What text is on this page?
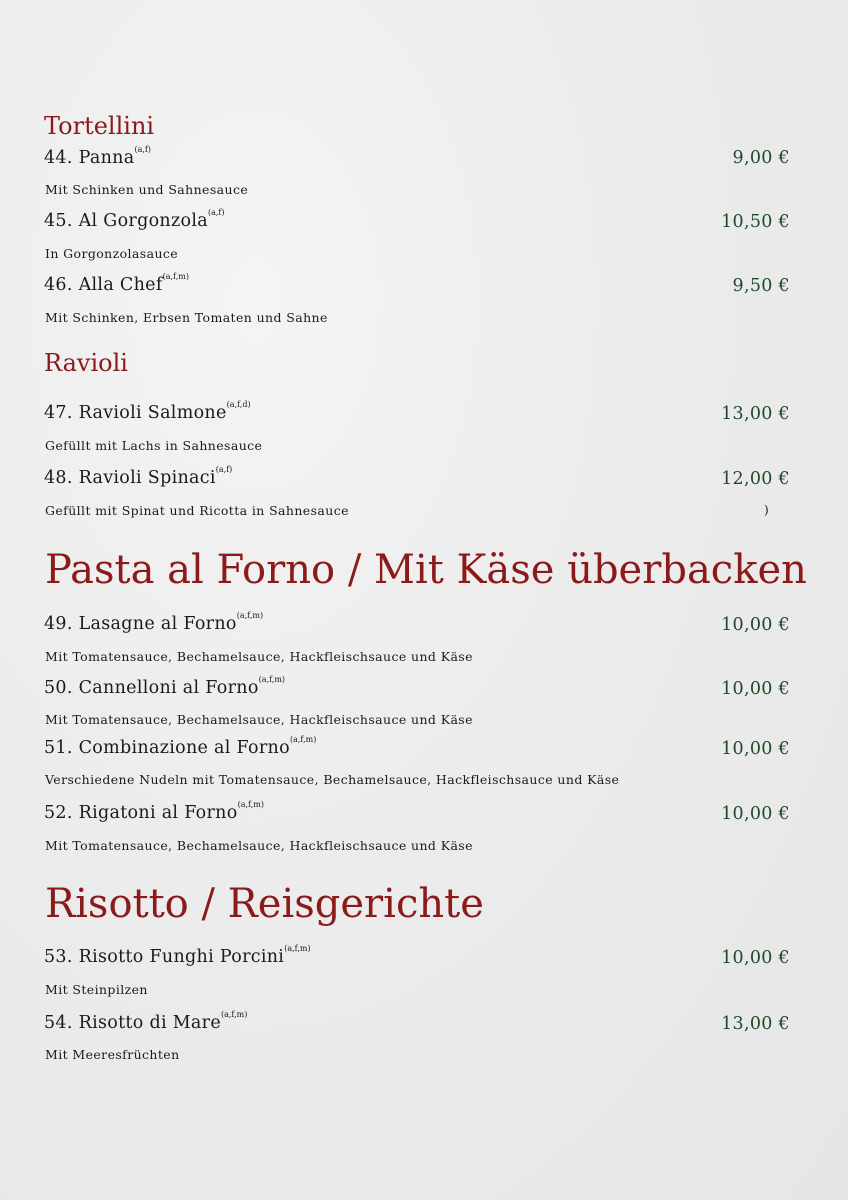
Tortellini
Ravioli
Pasta al Forno / Mit Käse überbacken
Risotto / Reisgerichte
44. Panna$^{(a,f)}$	9,00 €
Mit Schinken und Sahnesauce
45. Al Gorgonzola$^{(a,f)}$	10,50 €
In Gorgonzolasauce
46. Alla Chef$^{(a,f,m)}$	9,50 €
Mit Schinken, Erbsen Tomaten und Sahne
47. Ravioli Salmone$^{(a,f,d)}$	13,00 €
Gefüllt mit Lachs in Sahnesauce
48. Ravioli Spinaci$^{(a,f)}$	12,00 €
Gefüllt mit Spinat und Ricotta in Sahnesauce	)
49. Lasagne al Forno$^{(a,f,m)}$	10,00 €
Mit Tomatensauce, Bechamelsauce, Hackfleischsauce und Käse
50. Cannelloni al Forno$^{(a,f,m)}$	10,00 €
Mit Tomatensauce, Bechamelsauce, Hackfleischsauce und Käse
51. Combinazione al Forno$^{(a,f,m)}$	10,00 €
Verschiedene Nudeln mit Tomatensauce, Bechamelsauce, Hackfleischsauce und Käse
52. Rigatoni al Forno$^{(a,f,m)}$	10,00 €
Mit Tomatensauce, Bechamelsauce, Hackfleischsauce und Käse
53. Risotto Funghi Porcini$^{(a,f,m)}$	10,00 €
Mit Steinpilzen
54. Risotto di Mare$^{(a,f,m)}$	13,00 €
Mit Meeresfrüchten
